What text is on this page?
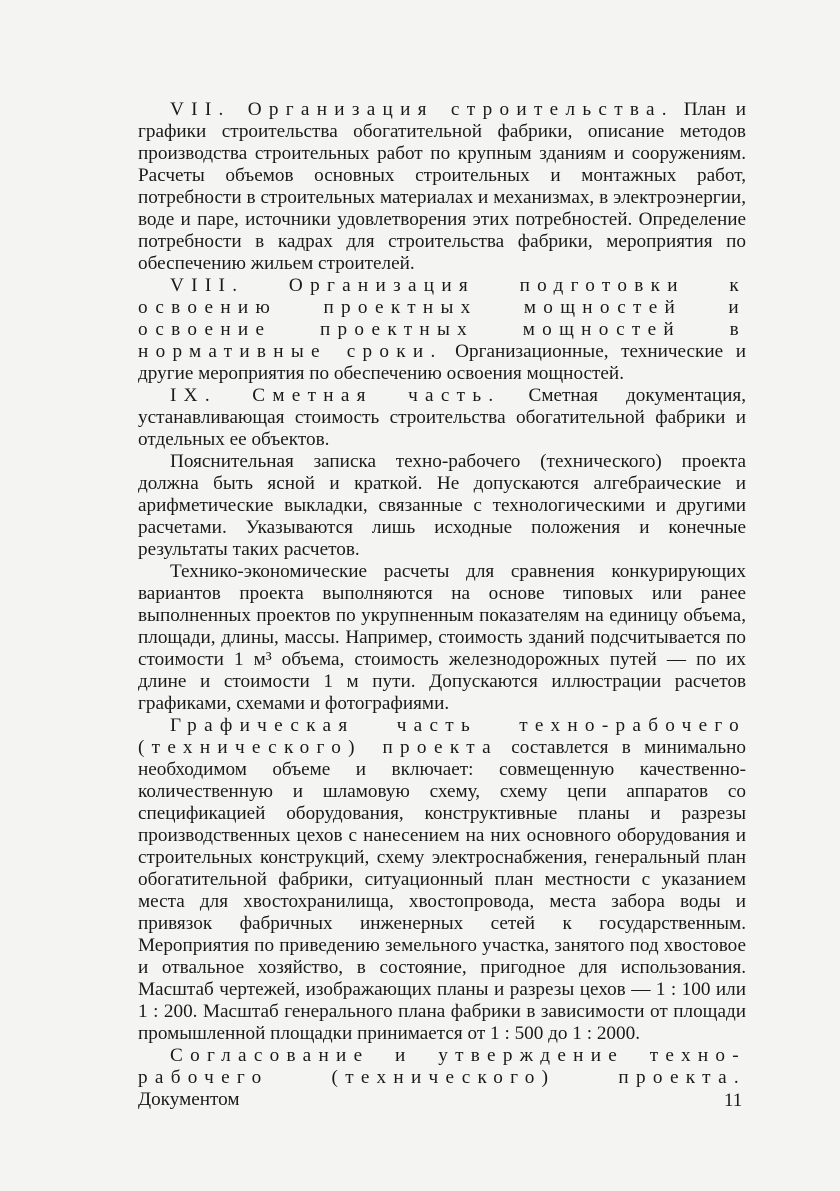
VII. Организация строительства. План и графики строительства обогатительной фабрики, описание методов производства строительных работ по крупным зданиям и сооружениям. Расчеты объемов основных строительных и монтажных работ, потребности в строительных материалах и механизмах, в электроэнергии, воде и паре, источники удовлетворения этих потребностей. Определение потребности в кадрах для строительства фабрики, мероприятия по обеспечению жильем строителей.

VIII. Организация подготовки к освоению проектных мощностей и освоение проектных мощностей в нормативные сроки. Организационные, технические и другие мероприятия по обеспечению освоения мощностей.

IX. Сметная часть. Сметная документация, устанавливающая стоимость строительства обогатительной фабрики и отдельных ее объектов.

Пояснительная записка техно-рабочего (технического) проекта должна быть ясной и краткой. Не допускаются алгебраические и арифметические выкладки, связанные с технологическими и другими расчетами. Указываются лишь исходные положения и конечные результаты таких расчетов.

Технико-экономические расчеты для сравнения конкурирующих вариантов проекта выполняются на основе типовых или ранее выполненных проектов по укрупненным показателям на единицу объема, площади, длины, массы. Например, стоимость зданий подсчитывается по стоимости 1 м³ объема, стоимость железнодорожных путей — по их длине и стоимости 1 м пути. Допускаются иллюстрации расчетов графиками, схемами и фотографиями.

Графическая часть техно-рабочего (технического) проекта составлется в минимально необходимом объеме и включает: совмещенную качественно-количественную и шламовую схему, схему цепи аппаратов со спецификацией оборудования, конструктивные планы и разрезы производственных цехов с нанесением на них основного оборудования и строительных конструкций, схему электроснабжения, генеральный план обогатительной фабрики, ситуационный план местности с указанием места для хвостохранилища, хвостопровода, места забора воды и привязок фабричных инженерных сетей к государственным. Мероприятия по приведению земельного участка, занятого под хвостовое и отвальное хозяйство, в состояние, пригодное для использования. Масштаб чертежей, изображающих планы и разрезы цехов — 1 : 100 или 1 : 200. Масштаб генерального плана фабрики в зависимости от площади промышленной площадки принимается от 1 : 500 до 1 : 2000.

Согласование и утверждение техно-рабочего (технического) проекта. Документом	11
